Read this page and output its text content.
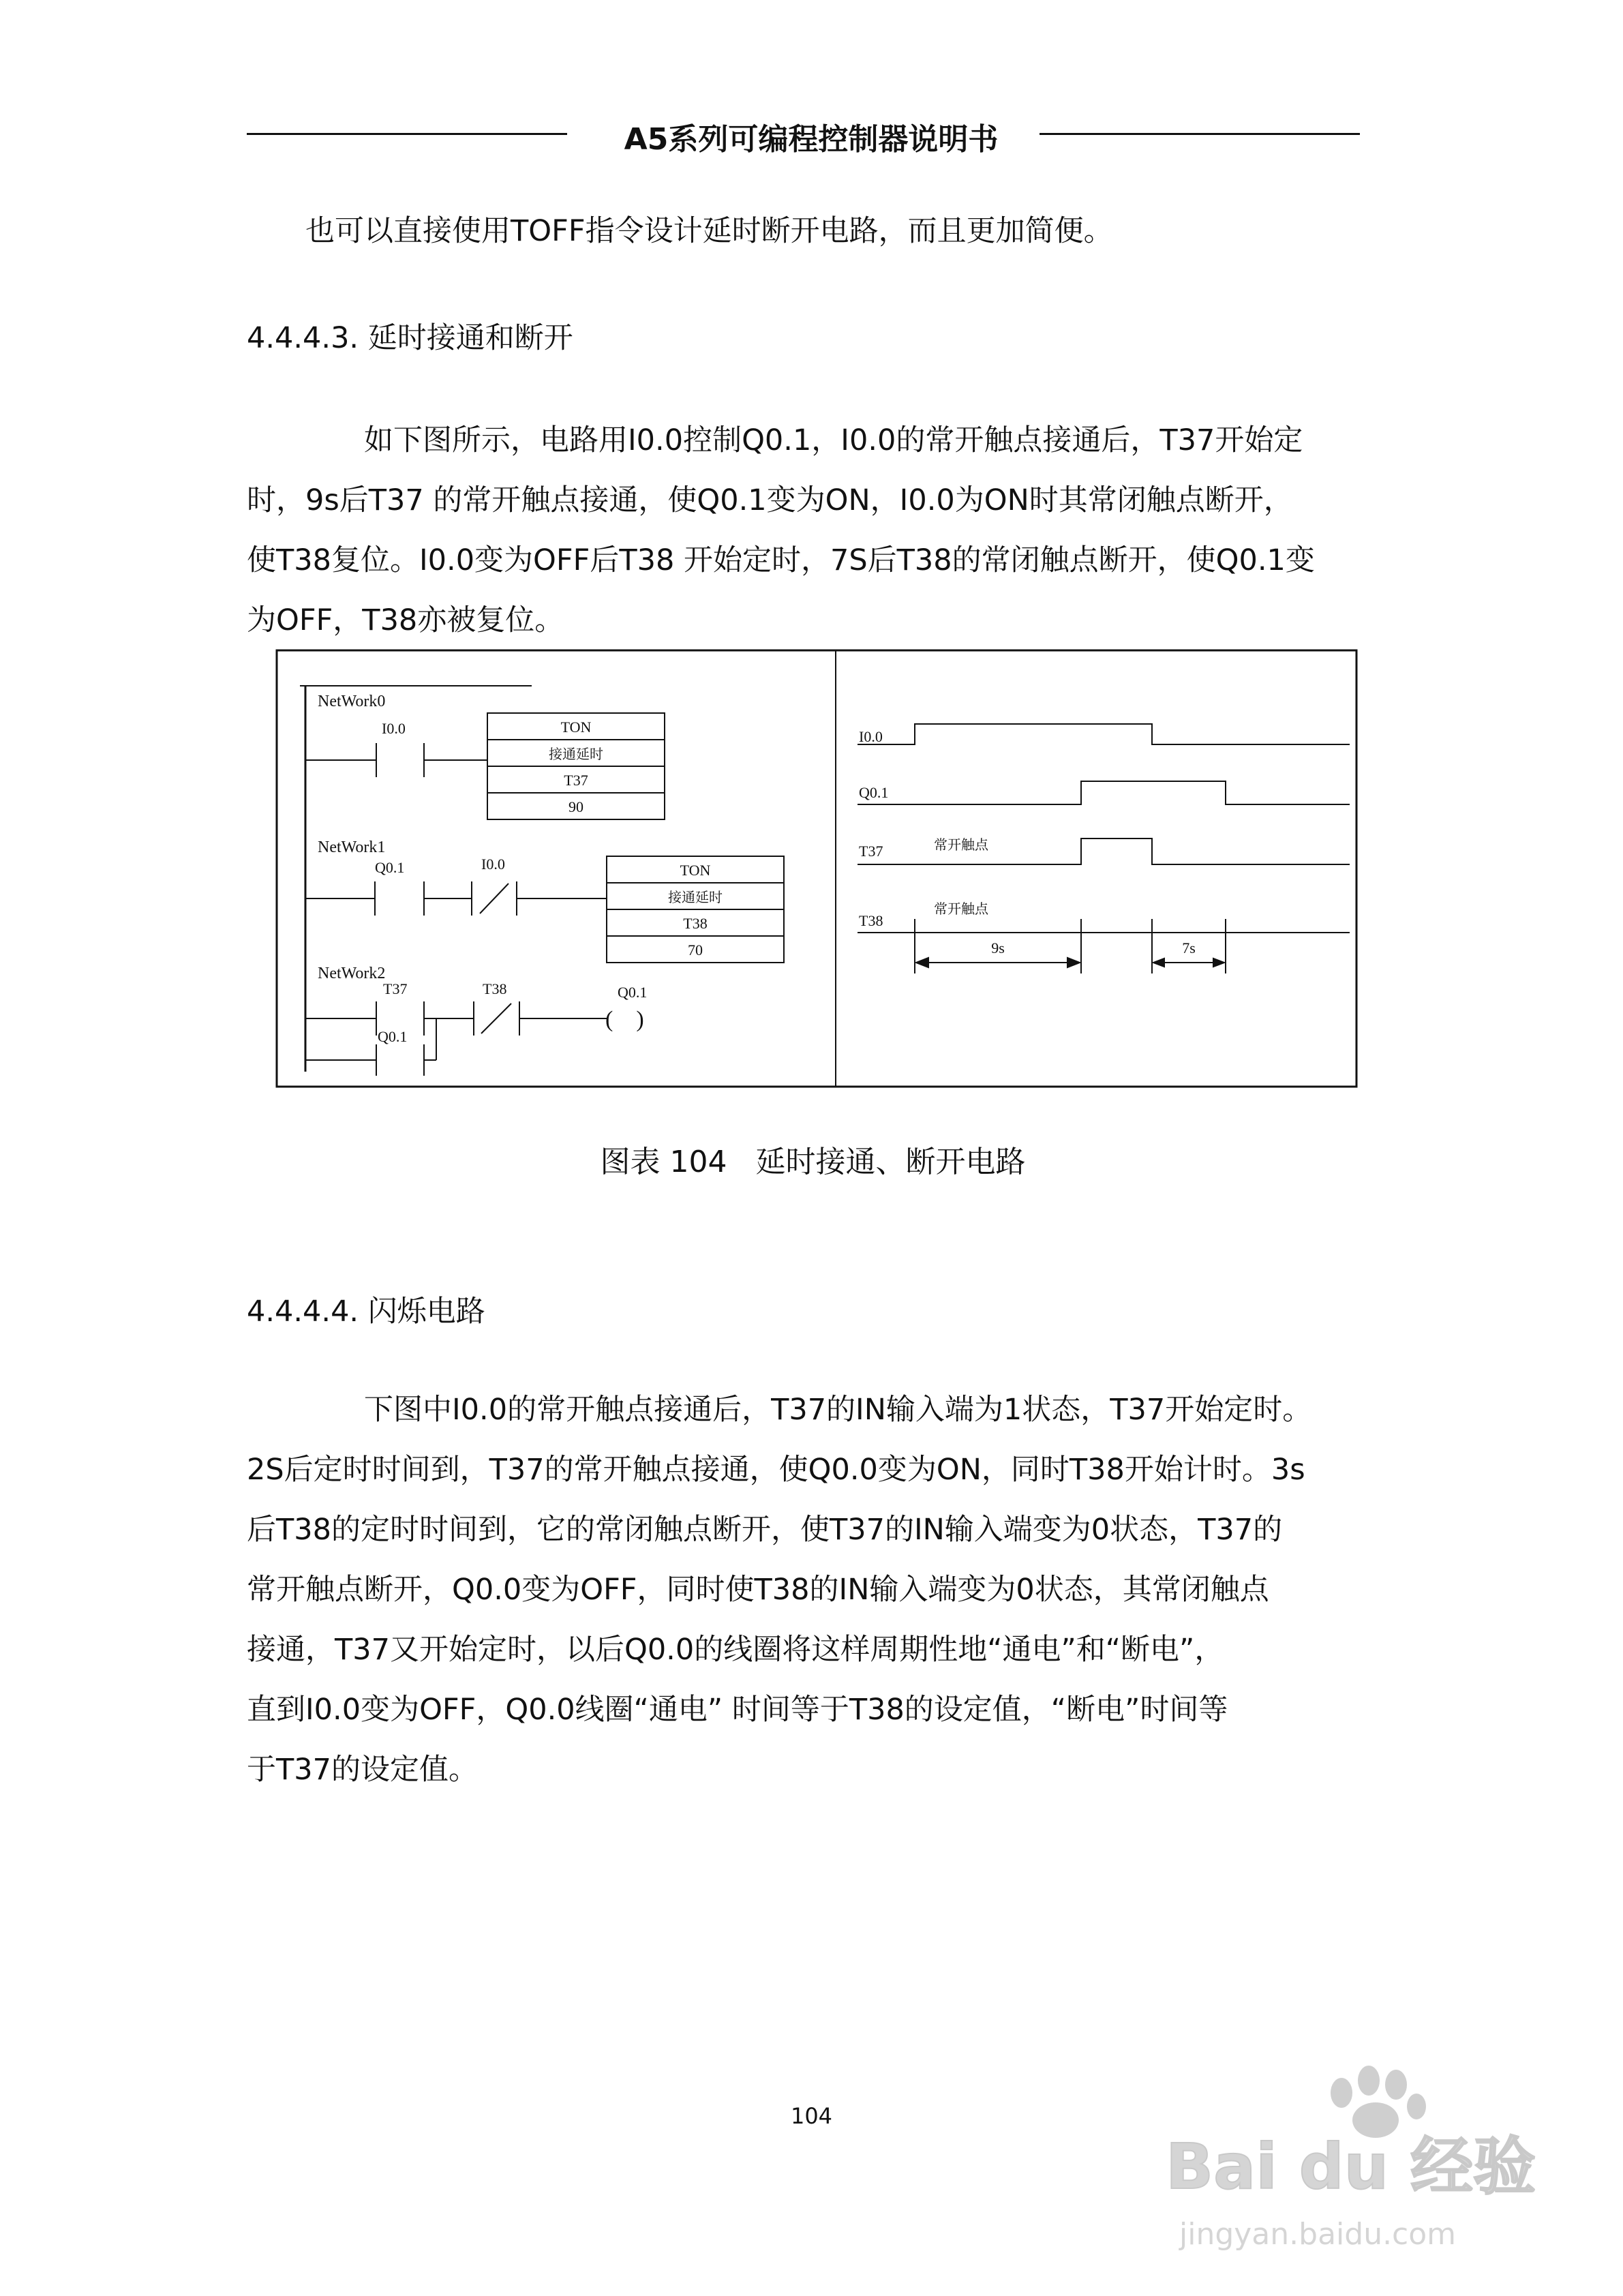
A5系列可编程控制器说明书
也可以直接使用TOFF指令设计延时断开电路，而且更加简便。
4.4.4.3. 延时接通和断开
如下图所示，电路用I0.0控制Q0.1，I0.0的常开触点接通后，T37开始定
时，9s后T37 的常开触点接通，使Q0.1变为ON，I0.0为ON时其常闭触点断开，
使T38复位。I0.0变为OFF后T38 开始定时，7S后T38的常闭触点断开，使Q0.1变
为OFF，T38亦被复位。
NetWork0
I0.0	TON
接通延时
T37
90
NetWork1
Q0.1	I0.0	TON
接通延时
T38
70
NetWork2
T37	T38	Q0.1
(    )
Q0.1
I0.0
Q0.1
T37	常开触点
T38
常开触点
9s	7s
图表 104   延时接通、断开电路
4.4.4.4. 闪烁电路
下图中I0.0的常开触点接通后，T37的IN输入端为1状态，T37开始定时。
2S后定时时间到，T37的常开触点接通，使Q0.0变为ON，同时T38开始计时。3s
后T38的定时时间到，它的常闭触点断开，使T37的IN输入端变为0状态，T37的
常开触点断开，Q0.0变为OFF，同时使T38的IN输入端变为0状态，其常闭触点
接通，T37又开始定时，以后Q0.0的线圈将这样周期性地“通电”和“断电”，
直到I0.0变为OFF，Q0.0线圈“通电” 时间等于T38的设定值，“断电”时间等
于T37的设定值。
104
Bai du 经验
jingyan.baidu.com
